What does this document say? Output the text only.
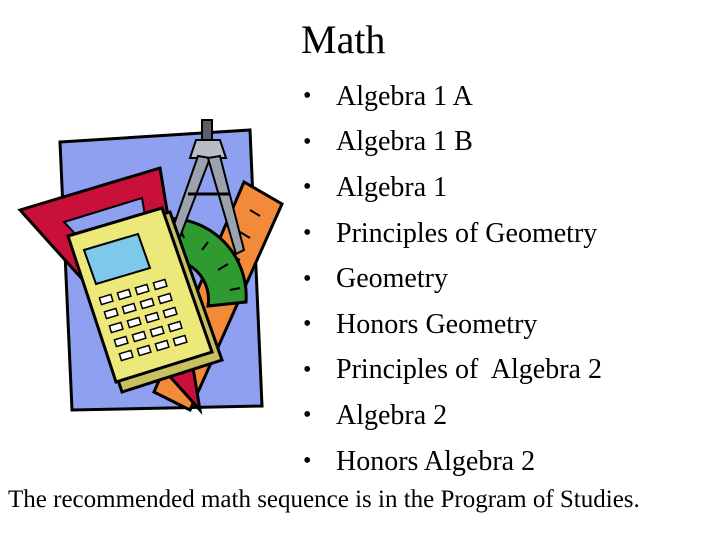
Math
• Algebra 1 A
• Algebra 1 B
• Algebra 1
• Principles of Geometry
• Geometry
• Honors Geometry
• Principles of  Algebra 2
• Algebra 2
• Honors Algebra 2
The recommended math sequence is in the Program of Studies.
